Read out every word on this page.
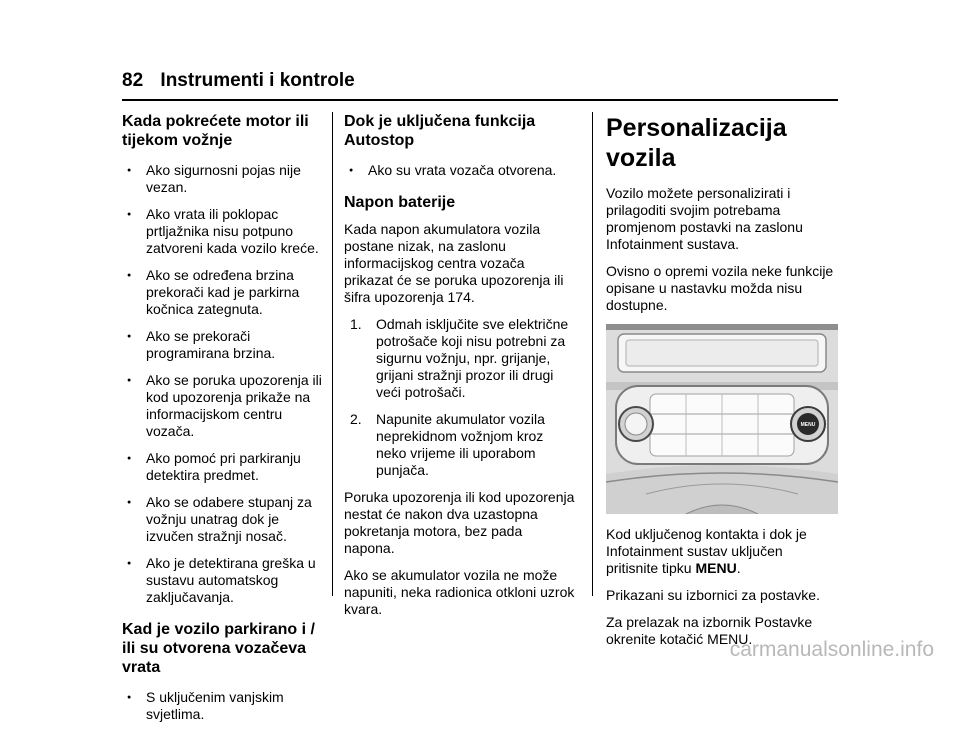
82 Instrumenti i kontrole
Kada pokrećete motor ili tijekom vožnje
● Ako sigurnosni pojas nije vezan.
● Ako vrata ili poklopac prtljažnika nisu potpuno zatvoreni kada vozilo kreće.
● Ako se određena brzina prekorači kad je parkirna kočnica zategnuta.
● Ako se prekorači programirana brzina.
● Ako se poruka upozorenja ili kod upozorenja prikaže na informacijskom centru vozača.
● Ako pomoć pri parkiranju detektira predmet.
● Ako se odabere stupanj za vožnju unatrag dok je izvučen stražnji nosač.
● Ako je detektirana greška u sustavu automatskog zaključavanja.
Kad je vozilo parkirano i / ili su otvorena vozačeva vrata
● S uključenim vanjskim svjetlima.
Dok je uključena funkcija Autostop
● Ako su vrata vozača otvorena.
Napon baterije

Kada napon akumulatora vozila postane nizak, na zaslonu informacijskog centra vozača prikazat će se poruka upozorenja ili šifra upozorenja 174.

1. Odmah isključite sve električne potrošače koji nisu potrebni za sigurnu vožnju, npr. grijanje, grijani stražnji prozor ili drugi veći potrošači.
2. Napunite akumulator vozila neprekidnom vožnjom kroz neko vrijeme ili uporabom punjača.

Poruka upozorenja ili kod upozorenja nestat će nakon dva uzastopna pokretanja motora, bez pada napona.

Ako se akumulator vozila ne može napuniti, neka radionica otkloni uzrok kvara.

Personalizacija vozila

Vozilo možete personalizirati i prilagoditi svojim potrebama promjenom postavki na zaslonu Infotainment sustava.

Ovisno o opremi vozila neke funkcije opisane u nastavku možda nisu dostupne.

MENU

Kod uključenog kontakta i dok je Infotainment sustav uključen pritisnite tipku MENU.

Prikazani su izbornici za postavke.

Za prelazak na izbornik Postavke okrenite kotačić MENU.

carmanualsonline.info
